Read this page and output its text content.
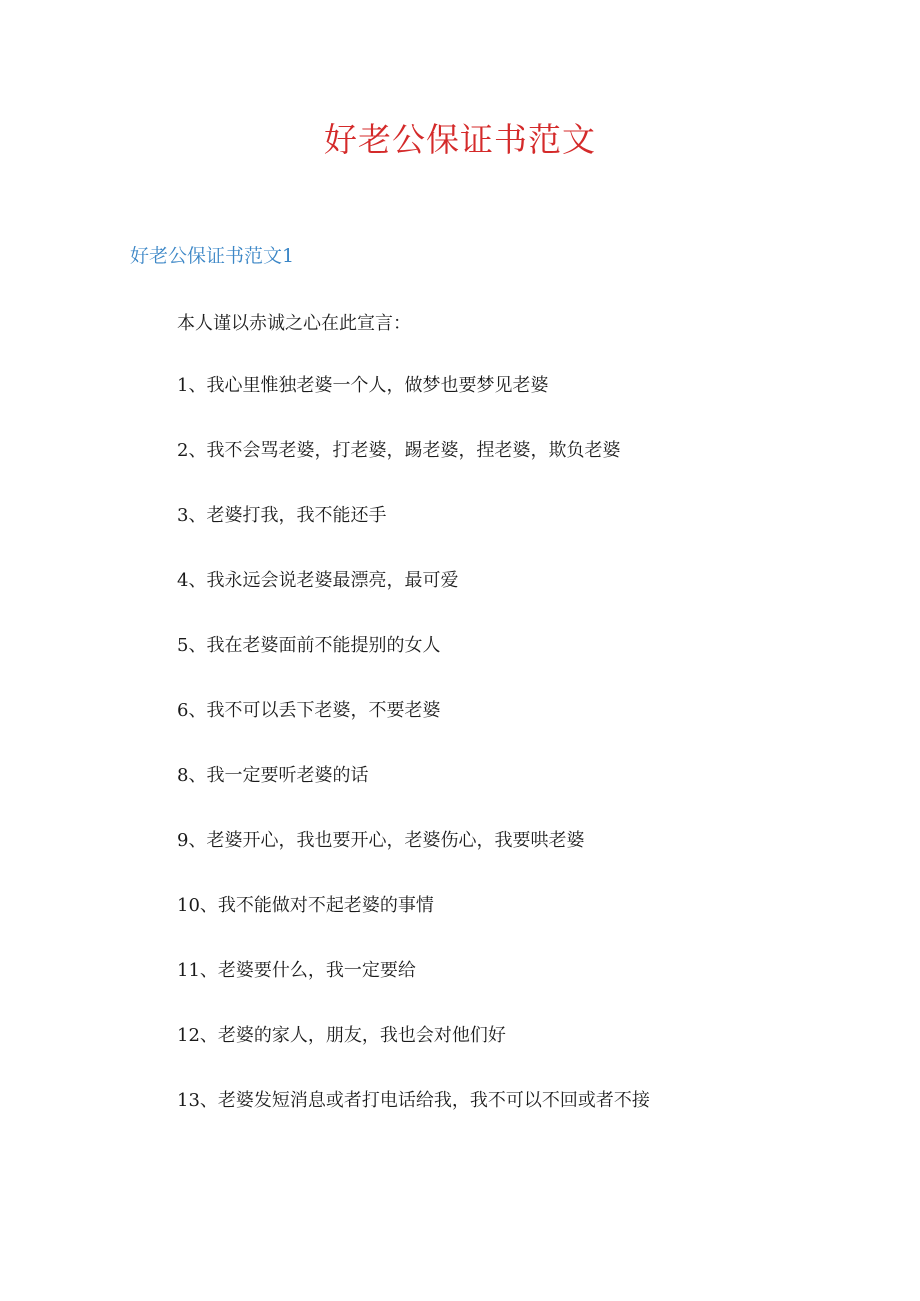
好老公保证书范文
好老公保证书范文1

本人谨以赤诚之心在此宣言：

1、我心里惟独老婆一个人，做梦也要梦见老婆

2、我不会骂老婆，打老婆，踢老婆，捏老婆，欺负老婆

3、老婆打我，我不能还手

4、我永远会说老婆最漂亮，最可爱

5、我在老婆面前不能提别的女人

6、我不可以丢下老婆，不要老婆

8、我一定要听老婆的话

9、老婆开心，我也要开心，老婆伤心，我要哄老婆

10、我不能做对不起老婆的事情

11、老婆要什么，我一定要给

12、老婆的家人，朋友，我也会对他们好

13、老婆发短消息或者打电话给我，我不可以不回或者不接
